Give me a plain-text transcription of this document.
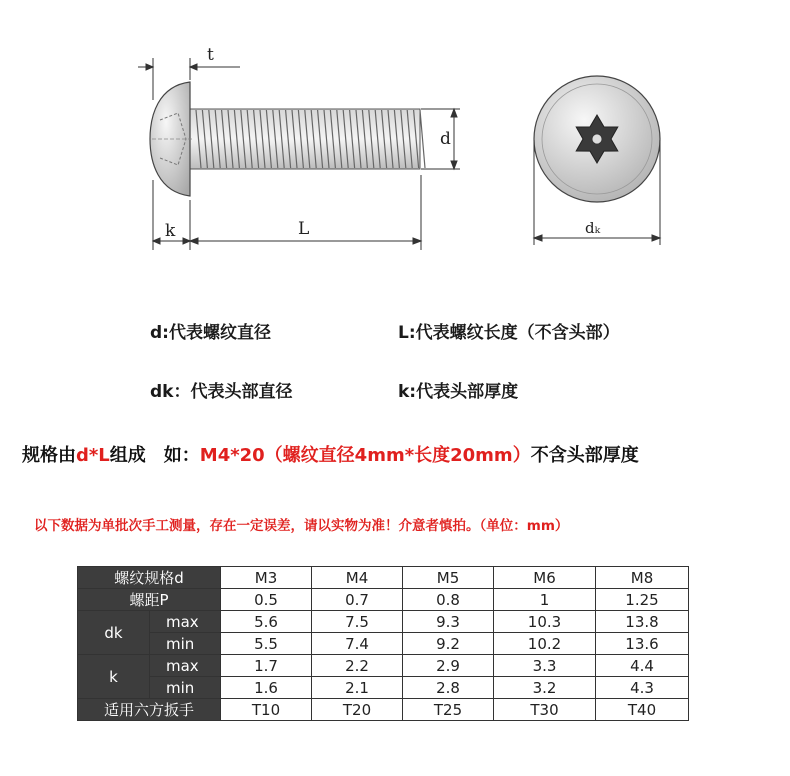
t
d
k	L	dₖ
d:代表螺纹直径	L:代表螺纹长度（不含头部）
dk：代表头部直径	k:代表头部厚度
规格由d*L组成　如：M4*20（螺纹直径4mm*长度20mm）不含头部厚度
以下数据为单批次手工测量，存在一定误差，请以实物为准！介意者慎拍。（单位：mm）
螺纹规格d		M3	M4	M5	M6	M8
螺距P		0.5	0.7	0.8	1	1.25
dk	max	5.6	7.5	9.3	10.3	13.8
	min	5.5	7.4	9.2	10.2	13.6
k	max	1.7	2.2	2.9	3.3	4.4
	min	1.6	2.1	2.8	3.2	4.3
适用六方扳手		T10	T20	T25	T30	T40
